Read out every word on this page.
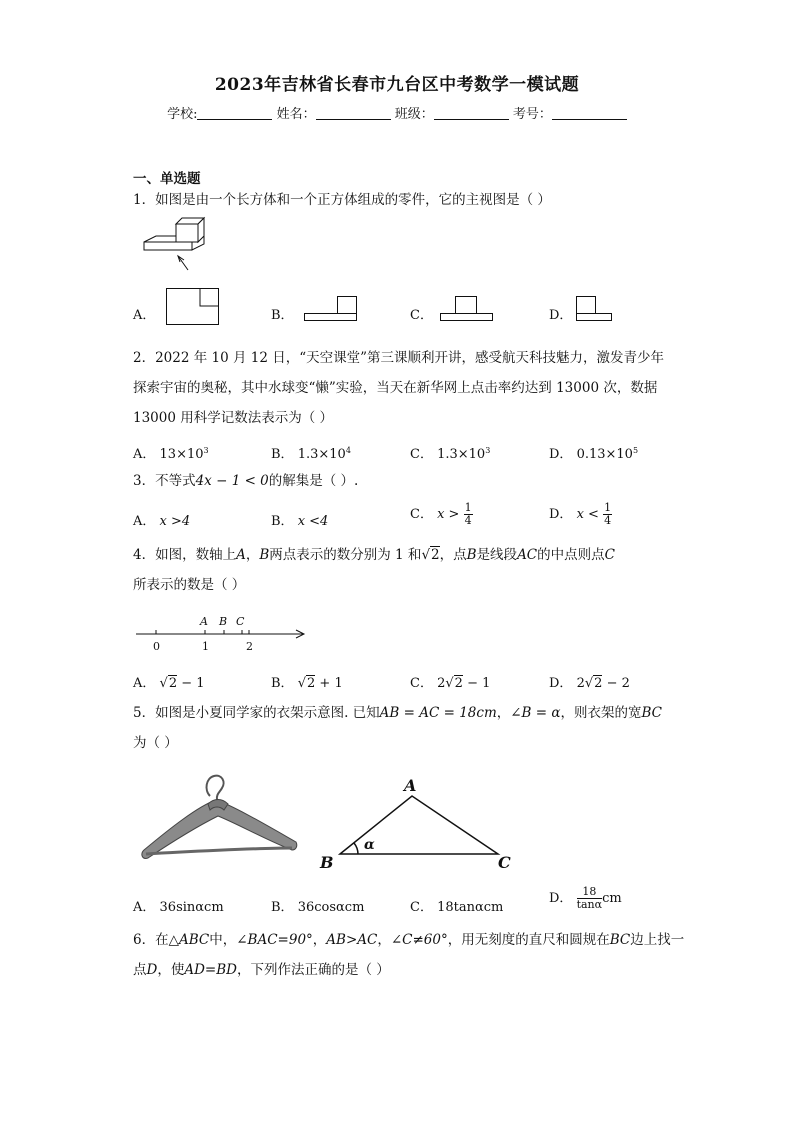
2023年吉林省长春市九台区中考数学一模试题
学校:	姓名：	班级：	考号：
一、单选题
1．如图是由一个长方体和一个正方体组成的零件，它的主视图是（ ）
A．	B．	C．	D．
2．2022 年 10 月 12 日，“天空课堂”第三课顺利开讲，感受航天科技魅力，激发青少年
探索宇宙的奥秘，其中水球变“懒”实验，当天在新华网上点击率约达到 13000 次，数据
13000 用科学记数法表示为（ ）
A． $13\times 10^3$	B． $1.3\times 10^4$	C． $1.3\times 10^3$	D． $0.13\times 10^5$
3．不等式4x − 1 < 0的解集是（ ）.
A． x >4	B． x <4	C． $x > \frac{1}{4}$	D． $x < \frac{1}{4}$
4．如图，数轴上A，B两点表示的数分别为 1 和√2，点B是线段AC的中点则点C
所表示的数是（ ）
0	1	2
A B C
A． √2 − 1	B． √2 + 1	C． 2√2 − 1	D． 2√2 − 2
5．如图是小夏同学家的衣架示意图. 已知AB = AC = 18cm，∠B = α，则衣架的宽BC
为（ ）
A
B	C
α
A． 36sinαcm	B． 36cosαcm	C． 18tanαcm
D． $\frac{18}{\tan\alpha}$ cm
6．在△ABC中，∠BAC=90°，AB>AC，∠C≠60°，用无刻度的直尺和圆规在BC边上找一
点D，使AD=BD，下列作法正确的是（ ）
